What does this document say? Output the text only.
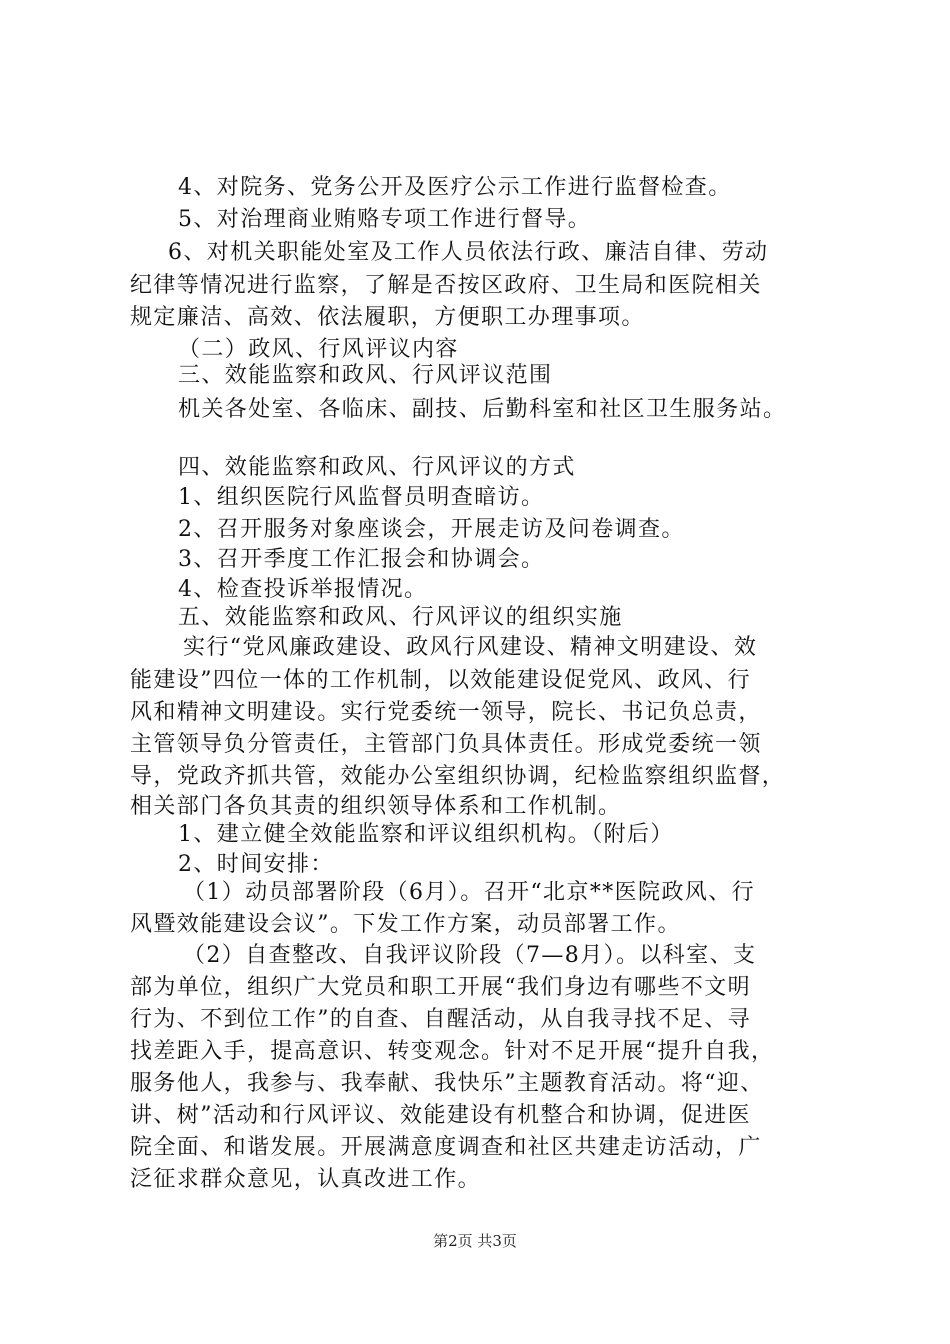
4、对院务、党务公开及医疗公示工作进行监督检查。
5、对治理商业贿赂专项工作进行督导。
6、对机关职能处室及工作人员依法行政、廉洁自律、劳动
纪律等情况进行监察，了解是否按区政府、卫生局和医院相关
规定廉洁、高效、依法履职，方便职工办理事项。
（二）政风、行风评议内容
三、效能监察和政风、行风评议范围
机关各处室、各临床、副技、后勤科室和社区卫生服务站。
四、效能监察和政风、行风评议的方式
1、组织医院行风监督员明查暗访。
2、召开服务对象座谈会，开展走访及问卷调查。
3、召开季度工作汇报会和协调会。
4、检查投诉举报情况。
五、效能监察和政风、行风评议的组织实施
实行“党风廉政建设、政风行风建设、精神文明建设、效
能建设”四位一体的工作机制，以效能建设促党风、政风、行
风和精神文明建设。实行党委统一领导，院长、书记负总责，
主管领导负分管责任，主管部门负具体责任。形成党委统一领
导，党政齐抓共管，效能办公室组织协调，纪检监察组织监督，
相关部门各负其责的组织领导体系和工作机制。
1、建立健全效能监察和评议组织机构。（附后）
2、时间安排：
（1）动员部署阶段（6月）。召开“北京**医院政风、行
风暨效能建设会议”。下发工作方案，动员部署工作。
（2）自查整改、自我评议阶段（7—8月）。以科室、支
部为单位，组织广大党员和职工开展“我们身边有哪些不文明
行为、不到位工作”的自查、自醒活动，从自我寻找不足、寻
找差距入手，提高意识、转变观念。针对不足开展“提升自我，
服务他人，我参与、我奉献、我快乐”主题教育活动。将“迎、
讲、树”活动和行风评议、效能建设有机整合和协调，促进医
院全面、和谐发展。开展满意度调查和社区共建走访活动，广
泛征求群众意见，认真改进工作。
第2页 共3页
